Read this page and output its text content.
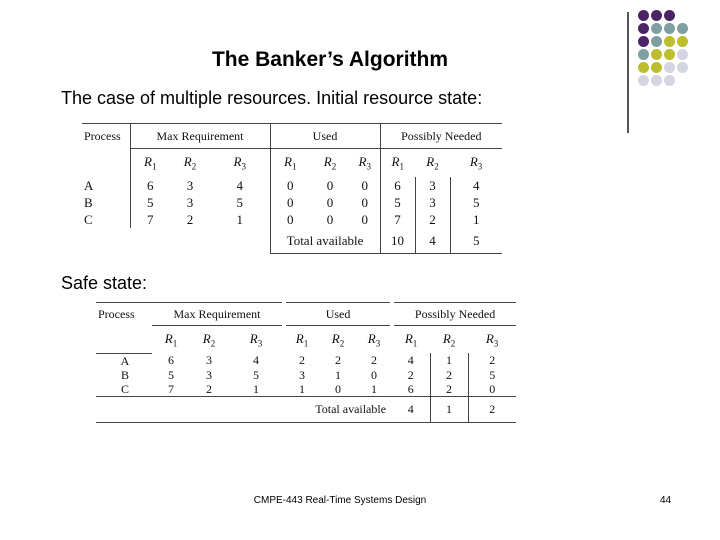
The Banker’s Algorithm
The case of multiple resources. Initial resource state:
Process	Max Requirement			Used			Possibly Needed		
	$R_1$	$R_2$	$R_3$	$R_1$	$R_2$	$R_3$	$R_1$	$R_2$	$R_3$
A	6	3	4	0	0	0	6	3	4
B	5	3	5	0	0	0	5	3	5
C	7	2	1	0	0	0	7	2	1
				Total available			10	4	5
Safe state:
Process	Max Requirement			Used			Possibly Needed		
	$R_1$	$R_2$	$R_3$	$R_1$	$R_2$	$R_3$	$R_1$	$R_2$	$R_3$
A	6	3	4	2	2	2	4	1	2
B	5	3	5	3	1	0	2	2	5
C	7	2	1	1	0	1	6	2	0
				Total available			4	1	2
CMPE-443 Real-Time Systems Design	44
